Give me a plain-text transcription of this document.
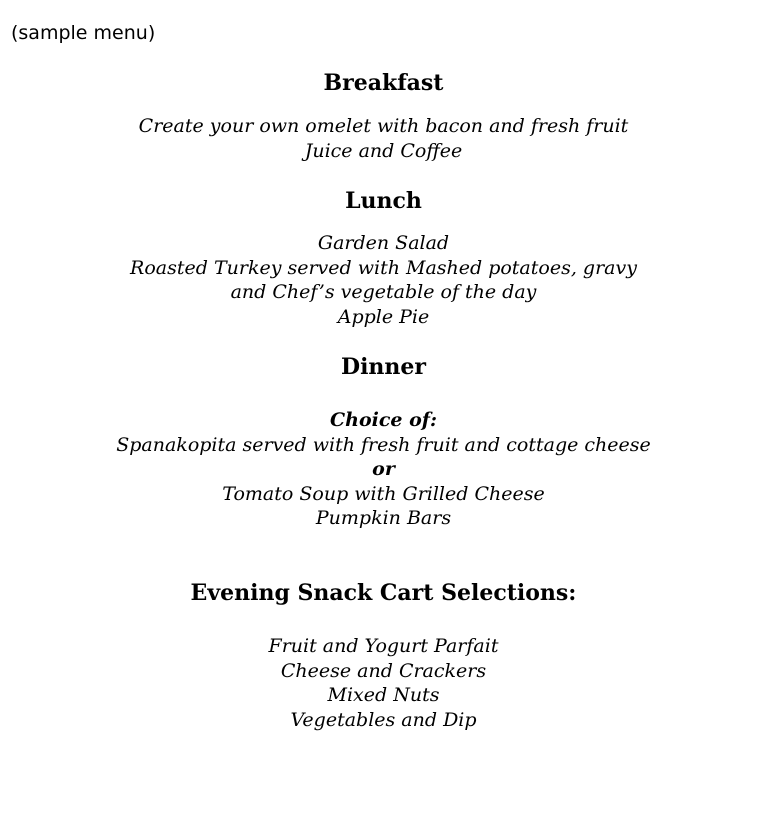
(sample menu)

Breakfast

Create your own omelet with bacon and fresh fruit

Juice and Coffee

Lunch

Garden Salad

Roasted Turkey served with Mashed potatoes, gravy

and Chef’s vegetable of the day

Apple Pie

Dinner

Choice of:

Spanakopita served with fresh fruit and cottage cheese

or

Tomato Soup with Grilled Cheese

Pumpkin Bars

Evening Snack Cart Selections:

Fruit and Yogurt Parfait

Cheese and Crackers

Mixed Nuts

Vegetables and Dip
